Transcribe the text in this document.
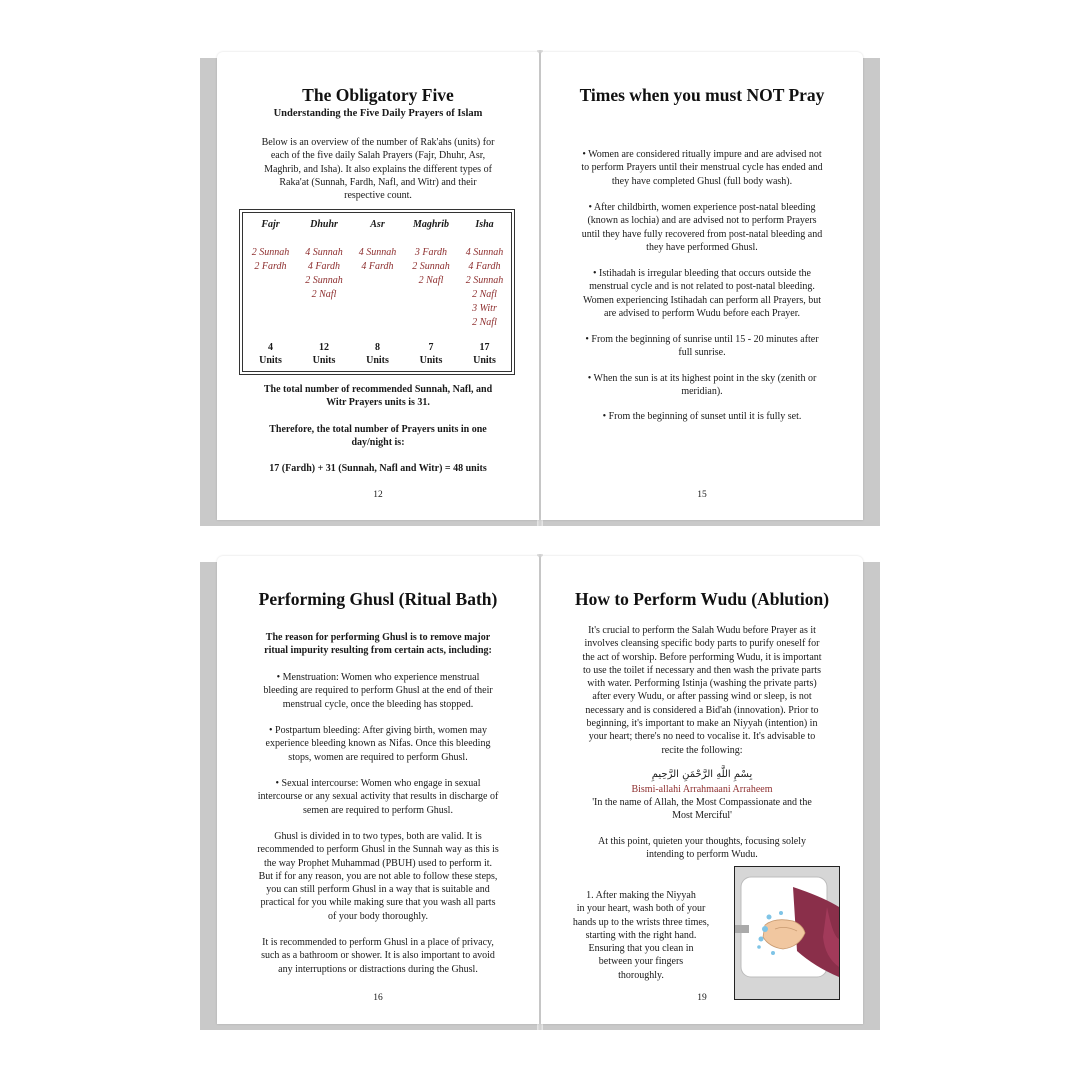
The Obligatory Five
Understanding the Five Daily Prayers of Islam
Below is an overview of the number of Rak'ahs (units) for
each of the five daily Salah Prayers (Fajr, Dhuhr, Asr,
Maghrib, and Isha). It also explains the different types of
Raka'at (Sunnah, Fardh, Nafl, and Witr) and their
respective count.
Fajr
2 Sunnah
2 Fardh
4
Units
Dhuhr
4 Sunnah
4 Fardh
2 Sunnah
2 Nafl
12
Units
Asr
4 Sunnah
4 Fardh
8
Units
Maghrib
3 Fardh
2 Sunnah
2 Nafl
7
Units
Isha
4 Sunnah
4 Fardh
2 Sunnah
2 Nafl
3 Witr
2 Nafl
17
Units
The total number of recommended Sunnah, Nafl, and
Witr Prayers units is 31.
Therefore, the total number of Prayers units in one
day/night is:
17 (Fardh) + 31 (Sunnah, Nafl and Witr) = 48 units
12
Times when you must NOT Pray
• Women are considered ritually impure and are advised not
to perform Prayers until their menstrual cycle has ended and
they have completed Ghusl (full body wash).
• After childbirth, women experience post-natal bleeding
(known as lochia) and are advised not to perform Prayers
until they have fully recovered from post-natal bleeding and
they have performed Ghusl.
• Istihadah is irregular bleeding that occurs outside the
menstrual cycle and is not related to post-natal bleeding.
Women experiencing Istihadah can perform all Prayers, but
are advised to perform Wudu before each Prayer.
• From the beginning of sunrise until 15 - 20 minutes after
full sunrise.
• When the sun is at its highest point in the sky (zenith or
meridian).
• From the beginning of sunset until it is fully set.
15
Performing Ghusl (Ritual Bath)
The reason for performing Ghusl is to remove major
ritual impurity resulting from certain acts, including:
• Menstruation: Women who experience menstrual
bleeding are required to perform Ghusl at the end of their
menstrual cycle, once the bleeding has stopped.
• Postpartum bleeding: After giving birth, women may
experience bleeding known as Nifas. Once this bleeding
stops, women are required to perform Ghusl.
• Sexual intercourse: Women who engage in sexual
intercourse or any sexual activity that results in discharge of
semen are required to perform Ghusl.
Ghusl is divided in to two types, both are valid. It is
recommended to perform Ghusl in the Sunnah way as this is
the way Prophet Muhammad (PBUH) used to perform it.
But if for any reason, you are not able to follow these steps,
you can still perform Ghusl in a way that is suitable and
practical for you while making sure that you wash all parts
of your body thoroughly.
It is recommended to perform Ghusl in a place of privacy,
such as a bathroom or shower. It is also important to avoid
any interruptions or distractions during the Ghusl.
16
How to Perform Wudu (Ablution)
It's crucial to perform the Salah Wudu before Prayer as it
involves cleansing specific body parts to purify oneself for
the act of worship. Before performing Wudu, it is important
to use the toilet if necessary and then wash the private parts
with water. Performing Istinja (washing the private parts)
after every Wudu, or after passing wind or sleep, is not
necessary and is considered a Bid'ah (innovation). Prior to
beginning, it's important to make an Niyyah (intention) in
your heart; there's no need to vocalise it. It's advisable to
recite the following:
بِسْمِ اللَّهِ الرَّحْمَنِ الرَّحِيمِ
Bismi-allahi Arrahmaani Arraheem
'In the name of Allah, the Most Compassionate and the
Most Merciful'
At this point, quieten your thoughts, focusing solely
intending to perform Wudu.
1. After making the Niyyah
in your heart, wash both of your
hands up to the wrists three times,
starting with the right hand.
Ensuring that you clean in
between your fingers
thoroughly.
19
